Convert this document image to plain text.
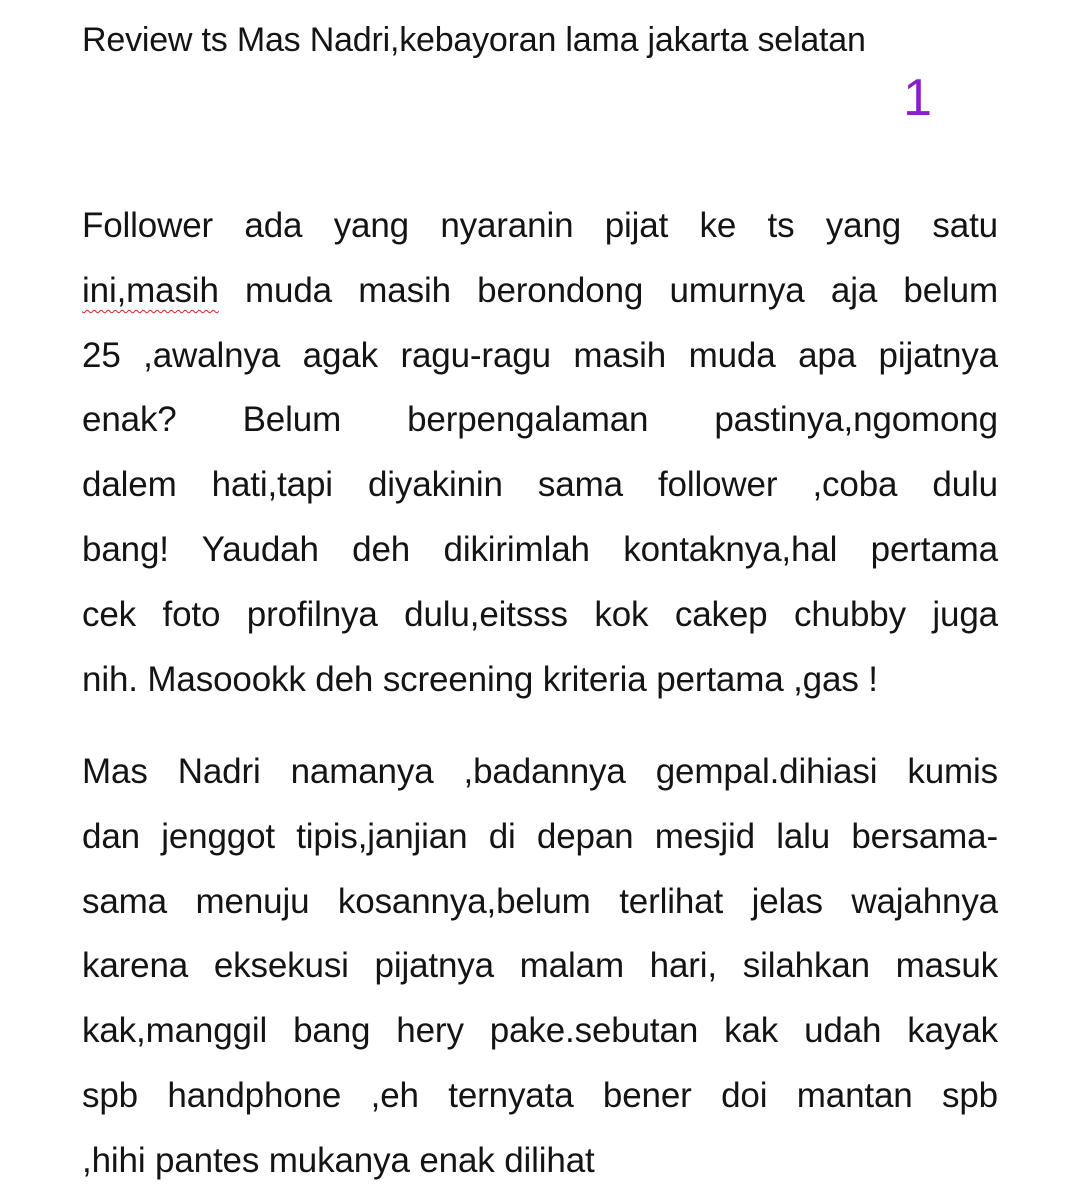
Review ts Mas Nadri,kebayoran lama jakarta selatan
1
Follower ada yang nyaranin pijat ke ts yang satu
ini,masih muda masih berondong umurnya aja belum
25 ,awalnya agak ragu-ragu masih muda apa pijatnya
enak? Belum berpengalaman pastinya,ngomong
dalem hati,tapi diyakinin sama follower ,coba dulu
bang! Yaudah deh dikirimlah kontaknya,hal pertama
cek foto profilnya dulu,eitsss kok cakep chubby juga
nih. Masoookk deh screening kriteria pertama ,gas !
Mas Nadri namanya ,badannya gempal.dihiasi kumis
dan jenggot tipis,janjian di depan mesjid lalu bersama-
sama menuju kosannya,belum terlihat jelas wajahnya
karena eksekusi pijatnya malam hari, silahkan masuk
kak,manggil bang hery pake.sebutan kak udah kayak
spb handphone ,eh ternyata bener doi mantan spb
,hihi pantes mukanya enak dilihat
